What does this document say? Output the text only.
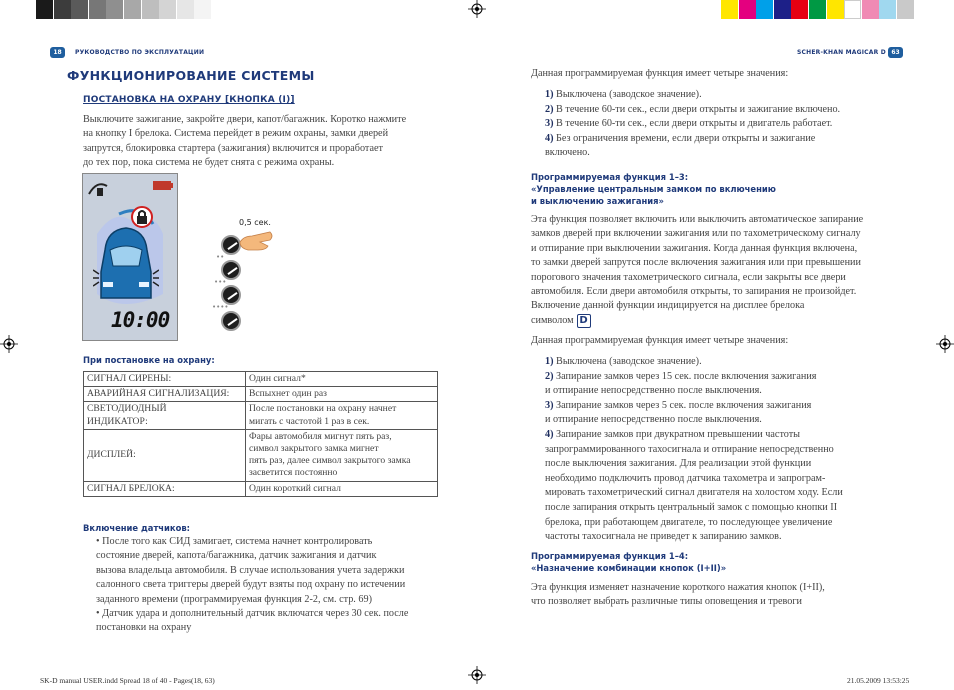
18	РУКОВОДСТВО ПО ЭКСПЛУАТАЦИИ	SCHER-KHAN MAGICAR D 63
ФУНКЦИОНИРОВАНИЕ СИСТЕМЫ
ПОСТАНОВКА НА ОХРАНУ [КНОПКА (I)]
Выключите зажигание, закройте двери, капот/багажник. Коротко нажмите
на кнопку I брелока. Система перейдет в режим охраны, замки дверей
запрутся, блокировка стартера (зажигания) включится и проработает
до тех пор, пока система не будет снята с режима охраны.
10:00
0,5 сек.
••
•••
••••
При постановке на охрану:
СИГНАЛ СИРЕНЫ:	Один сигнал*
АВАРИЙНАЯ СИГНАЛИЗАЦИЯ:	Вспыхнет один раз
СВЕТОДИОДНЫЙ
ИНДИКАТОР:	После постановки на охрану начнет
мигать с частотой 1 раз в сек.
ДИСПЛЕЙ:	Фары автомобиля мигнут пять раз,
символ закрытого замка мигнет
пять раз, далее символ закрытого замка
засветится постоянно
СИГНАЛ БРЕЛОКА:	Один короткий сигнал
Включение датчиков:
• После того как СИД замигает, система начнет контролировать
состояние дверей, капота/багажника, датчик зажигания и датчик
вызова владельца автомобиля. В случае использования учета задержки
салонного света триггеры дверей будут взяты под охрану по истечении
заданного времени (программируемая функция 2-2, см. стр. 69)
• Датчик удара и дополнительный датчик включатся через 30 сек. после
постановки на охрану
Данная программируемая функция имеет четыре значения:
1) Выключена (заводское значение).
2) В течение 60-ти сек., если двери открыты и зажигание включено.
3) В течение 60-ти сек., если двери открыты и двигатель работает.
4) Без ограничения времени, если двери открыты и зажигание
включено.
Программируемая функция 1–3:
«Управление центральным замком по включению
и выключению зажигания»
Эта функция позволяет включить или выключить автоматическое запирание
замков дверей при включении зажигания или по тахометрическому сигналу
и отпирание при выключении зажигания. Когда данная функция включена,
то замки дверей запрутся после включения зажигания или при превышении
порогового значения тахометрического сигнала, если закрыты все двери
автомобиля. Если двери автомобиля открыты, то запирания не произойдет.
Включение данной функции индицируется на дисплее брелока
символом D
Данная программируемая функция имеет четыре значения:
1) Выключена (заводское значение).
2) Запирание замков через 15 сек. после включения зажигания
и отпирание непосредственно после выключения.
3) Запирание замков через 5 сек. после включения зажигания
и отпирание непосредственно после выключения.
4) Запирание замков при двукратном превышении частоты
запрограммированного тахосигнала и отпирание непосредственно
после выключения зажигания. Для реализации этой функции
необходимо подключить провод датчика тахометра и запрограм-
мировать тахометрический сигнал двигателя на холостом ходу. Если
после запирания открыть центральный замок с помощью кнопки II
брелока, при работающем двигателе, то последующее увеличение
частоты тахосигнала не приведет к запиранию замков.
Программируемая функция 1–4:
«Назначение комбинации кнопок (I+II)»
Эта функция изменяет назначение короткого нажатия кнопок (I+II),
что позволяет выбрать различные типы оповещения и тревоги
SK-D manual USER.indd Spread 18 of 40 - Pages(18, 63)	21.05.2009 13:53:25
